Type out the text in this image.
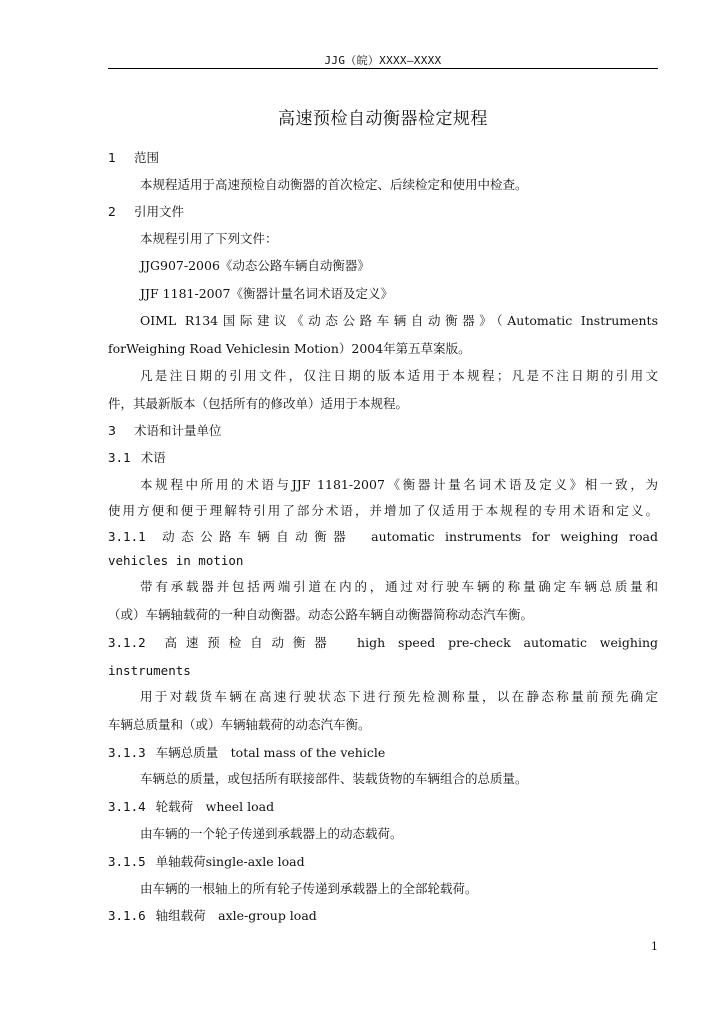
JJG（皖）XXXX—XXXX
高速预检自动衡器检定规程
1 范围
本规程适用于高速预检自动衡器的首次检定、后续检定和使用中检查。
2 引用文件
本规程引用了下列文件：
JJG907-2006《动态公路车辆自动衡器》
JJF 1181-2007《衡器计量名词术语及定义》
OIML R134国际建议《动态公路车辆自动衡器》（Automatic Instruments
forWeighing Road Vehiclesin Motion）2004年第五草案版。
凡是注日期的引用文件，仅注日期的版本适用于本规程；凡是不注日期的引用文
件，其最新版本（包括所有的修改单）适用于本规程。
3 术语和计量单位
3.1 术语
本规程中所用的术语与JJF 1181-2007《衡器计量名词术语及定义》相一致，为
使用方便和便于理解特引用了部分术语，并增加了仅适用于本规程的专用术语和定义。
3.1.1 动态公路车辆自动衡器　automatic instruments for weighing road
vehicles in motion
带有承载器并包括两端引道在内的，通过对行驶车辆的称量确定车辆总质量和
（或）车辆轴载荷的一种自动衡器。动态公路车辆自动衡器简称动态汽车衡。
3.1.2 高速预检自动衡器　high speed pre-check automatic weighing
instruments
用于对载货车辆在高速行驶状态下进行预先检测称量，以在静态称量前预先确定
车辆总质量和（或）车辆轴载荷的动态汽车衡。
3.1.3 车辆总质量　total mass of the vehicle
车辆总的质量，或包括所有联接部件、装载货物的车辆组合的总质量。
3.1.4 轮载荷　wheel load
由车辆的一个轮子传递到承载器上的动态载荷。
3.1.5 单轴载荷single-axle load
由车辆的一根轴上的所有轮子传递到承载器上的全部轮载荷。
3.1.6 轴组载荷　axle-group load
1
